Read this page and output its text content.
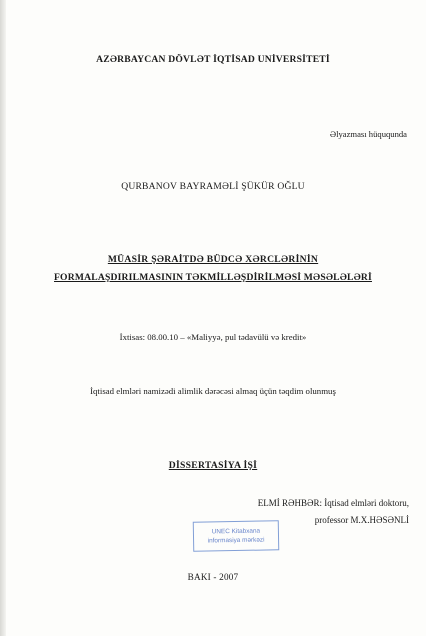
AZƏRBAYCAN DÖVLƏT İQTİSAD UNİVERSİTETİ
Əlyazması hüququnda
QURBANOV BAYRAMƏLİ ŞÜKÜR OĞLU
MÜASİR ŞƏRAİTDƏ BÜDCƏ XƏRCLƏRİNİN
FORMALAŞDIRILMASININ TƏKMİLLƏŞDİRİLMƏSİ MƏSƏLƏLƏRİ
İxtisas: 08.00.10 – «Maliyyə, pul tədavülü və kredit»
İqtisad elmləri namizədi alimlik dərəcəsi almaq üçün təqdim olunmuş
DİSSERTASİYA İŞİ
ELMİ RƏHBƏR: İqtisad elmləri doktoru,
professor M.X.HƏSƏNLİ
UNEC Kitabxana
informasiya mərkəzi
BAKI - 2007
